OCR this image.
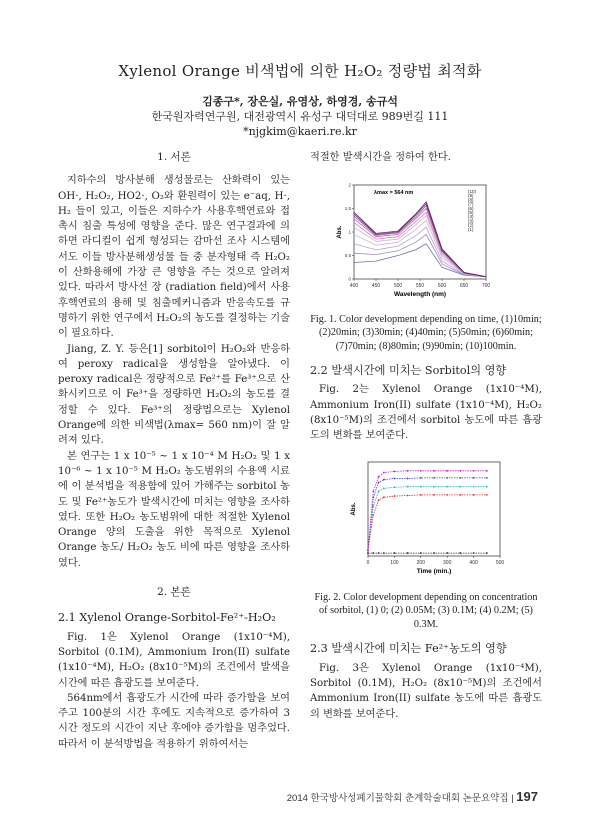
Xylenol Orange 비색법에 의한 H₂O₂ 정량법 최적화
김종구*, 장은실, 유영상, 하영경, 송규석
한국원자력연구원, 대전광역시 유성구 대덕대로 989번길 111
*njgkim@kaeri.re.kr
1. 서론

지하수의 방사분해 생성물로는 산화력이 있는 OH·, H₂O₂, HO2·, O₂와 환원력이 있는 e⁻aq, H·, H₂ 들이 있고, 이들은 지하수가 사용후핵연료와 접촉시 침출 특성에 영향을 준다. 많은 연구결과에 의하면 라디컬이 쉽게 형성되는 감마선 조사 시스템에서도 이들 방사분해생성물 들 중 분자형태 즉 H₂O₂이 산화용해에 가장 큰 영향을 주는 것으로 알려져 있다. 따라서 방사선 장 (radiation field)에서 사용후핵연료의 용해 및 침출메커니즘과 반응속도를 규명하기 위한 연구에서 H₂O₂의 농도를 결정하는 기술이 필요하다.

Jiang, Z. Y. 등은[1] sorbitol이 H₂O₂와 반응하여 peroxy radical을 생성함을 알아냈다. 이 peroxy radical은 정량적으로 Fe²⁺를 Fe³⁺으로 산화시키므로 이 Fe³⁺을 정량하면 H₂O₂의 농도를 결정할 수 있다. Fe³⁺의 정량법으로는 Xylenol Orange에 의한 비색법(λmax= 560 nm)이 잘 알려져 있다.

본 연구는 1 x 10⁻⁵ ~ 1 x 10⁻⁴ M H₂O₂ 및 1 x 10⁻⁶ ~ 1 x 10⁻⁵ M H₂O₂ 농도범위의 수용액 시료에 이 분석법을 적용함에 있어 가해주는 sorbitol 농도 및 Fe²⁺농도가 발색시간에 미치는 영향을 조사하였다. 또한 H₂O₂ 농도범위에 대한 적절한 Xylenol Orange 양의 도출을 위한 목적으로 Xylenol Orange 농도/ H₂O₂ 농도 비에 따른 영향을 조사하였다.

2. 본론
2.1 Xylenol Orange-Sorbitol-Fe²⁺-H₂O₂

Fig. 1은 Xylenol Orange (1x10⁻⁴M), Sorbitol (0.1M), Ammonium Iron(II) sulfate (1x10⁻⁴M), H₂O₂ (8x10⁻⁵M)의 조건에서 발색을 시간에 따른 흡광도를 보여준다.

564nm에서 흡광도가 시간에 따라 증가함을 보여주고 100분의 시간 후에도 지속적으로 증가하여 3시간 정도의 시간이 지난 후에야 증가함을 멈추었다. 따라서 이 분석방법을 적용하기 위하여서는

적절한 발색시간을 정하여 한다.

400	450	500	550	600	650	700
0
0.5
1
1.5
2
Wavelength (nm)
Abs.	(1)
(2)
(3)
(4)
(5)
(6)
(7)
(8)
(9)
(10)
λmax = 564 nm
Fig. 1. Color development depending on time, (1)10min; (2)20min; (3)30min; (4)40min; (5)50min; (6)60min; (7)70min; (8)80min; (9)90min; (10)100min.
2.2 발색시간에 미치는 Sorbitol의 영향

Fig. 2는 Xylenol Orange (1x10⁻⁴M), Ammonium Iron(II) sulfate (1x10⁻⁴M), H₂O₂ (8x10⁻⁵M)의 조건에서 sorbitol 농도에 따른 흡광도의 변화를 보여준다.

0	100	200	300	400	500
Time (min.)
Abs.
Fig. 2. Color development depending on concentration of sorbitol, (1) 0; (2) 0.05M; (3) 0.1M; (4) 0.2M; (5) 0.3M.
2.3 발색시간에 미치는 Fe²⁺농도의 영향

Fig. 3은 Xylenol Orange (1x10⁻⁴M), Sorbitol (0.1M), H₂O₂ (8x10⁻⁵M)의 조건에서 Ammonium Iron(II) sulfate 농도에 따른 흡광도의 변화를 보여준다.

2014 한국방사성폐기물학회 춘계학술대회 논문요약집 | 197
